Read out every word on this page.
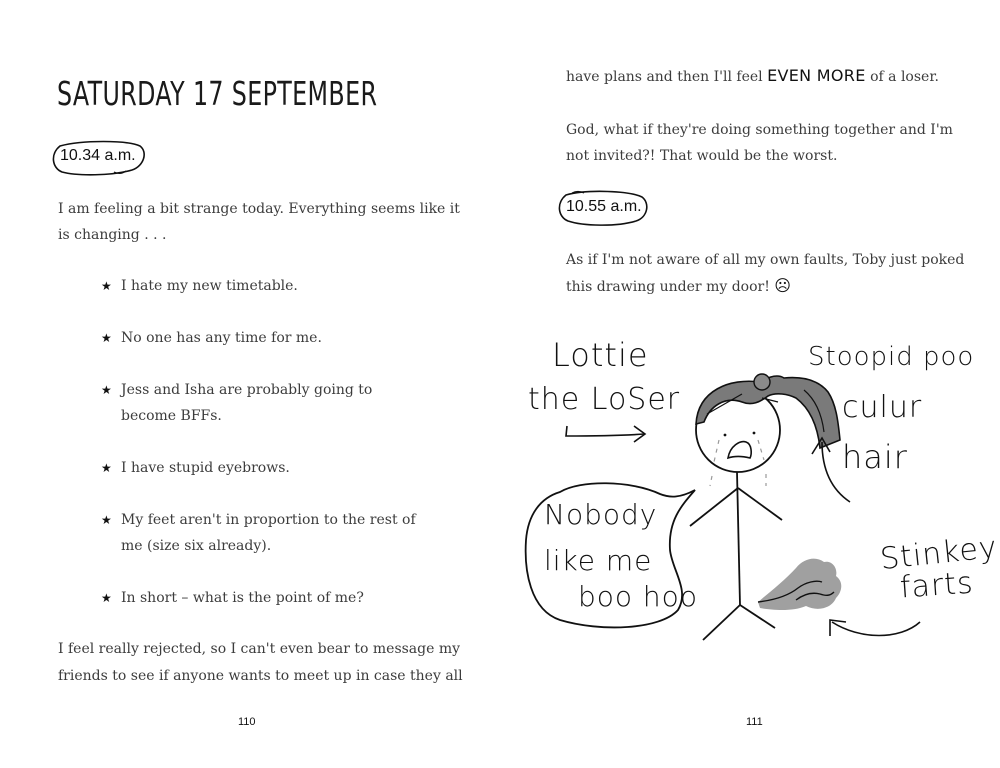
SATURDAY 17 SEPTEMBER
10.34 a.m.
I am feeling a bit strange today. Everything seems like it
is changing . . .
★ I hate my new timetable.
★ No one has any time for me.
★ Jess and Isha are probably going to
become BFFs.
★ I have stupid eyebrows.
★ My feet aren't in proportion to the rest of
me (size six already).
★ In short – what is the point of me?
I feel really rejected, so I can't even bear to message my
friends to see if anyone wants to meet up in case they all
110
have plans and then I'll feel EVEN MORE of a loser.
God, what if they're doing something together and I'm
not invited?! That would be the worst.
10.55 a.m.
As if I'm not aware of all my own faults, Toby just poked
this drawing under my door! ☹
111
Lottie
the LoSer
Stoopid poo
culur
hair
Nobody
like me
boo hoo
Stinkey
farts
